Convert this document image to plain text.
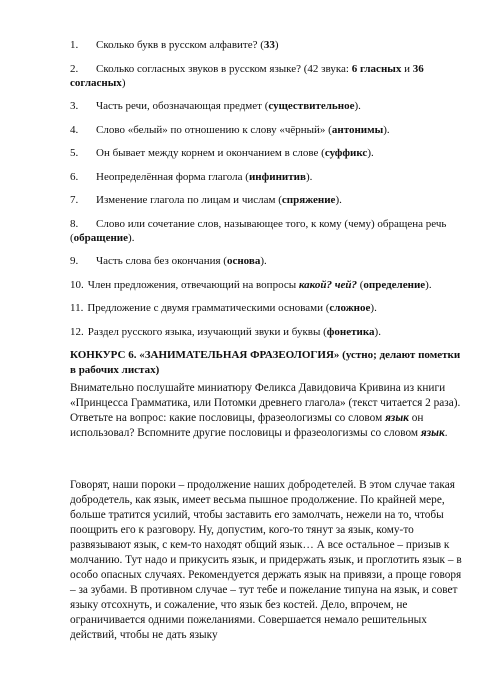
1. Сколько букв в русском алфавите? (33)
2. Сколько согласных звуков в русском языке? (42 звука: 6 гласных и 36 согласных)
3. Часть речи, обозначающая предмет (существительное).
4. Слово «белый» по отношению к слову «чёрный» (антонимы).
5. Он бывает между корнем и окончанием в слове (суффикс).
6. Неопределённая форма глагола (инфинитив).
7. Изменение глагола по лицам и числам (спряжение).
8. Слово или сочетание слов, называющее того, к кому (чему) обращена речь (обращение).
9. Часть слова без окончания (основа).
10. Член предложения, отвечающий на вопросы какой? чей? (определение).
11. Предложение с двумя грамматическими основами (сложное).
12. Раздел русского языка, изучающий звуки и буквы (фонетика).
КОНКУРС 6. «ЗАНИМАТЕЛЬНАЯ ФРАЗЕОЛОГИЯ» (устно; делают пометки в рабочих листах)
Внимательно послушайте миниатюру Феликса Давидовича Кривина из книги «Принцесса Грамматика, или Потомки древнего глагола» (текст читается 2 раза). Ответьте на вопрос: какие пословицы, фразеологизмы со словом язык он использовал? Вспомните другие пословицы и фразеологизмы со словом язык.
Говорят, наши пороки – продолжение наших добродетелей. В этом случае такая добродетель, как язык, имеет весьма пышное продолжение. По крайней мере, больше тратится усилий, чтобы заставить его замолчать, нежели на то, чтобы поощрить его к разговору. Ну, допустим, кого-то тянут за язык, кому-то развязывают язык, с кем-то находят общий язык… А все остальное – призыв к молчанию. Тут надо и прикусить язык, и придержать язык, и проглотить язык – в особо опасных случаях. Рекомендуется держать язык на привязи, а проще говоря – за зубами. В противном случае – тут тебе и пожелание типуна на язык, и совет языку отсохнуть, и сожаление, что язык без костей. Дело, впрочем, не ограничивается одними пожеланиями. Совершается немало решительных действий, чтобы не дать языку
